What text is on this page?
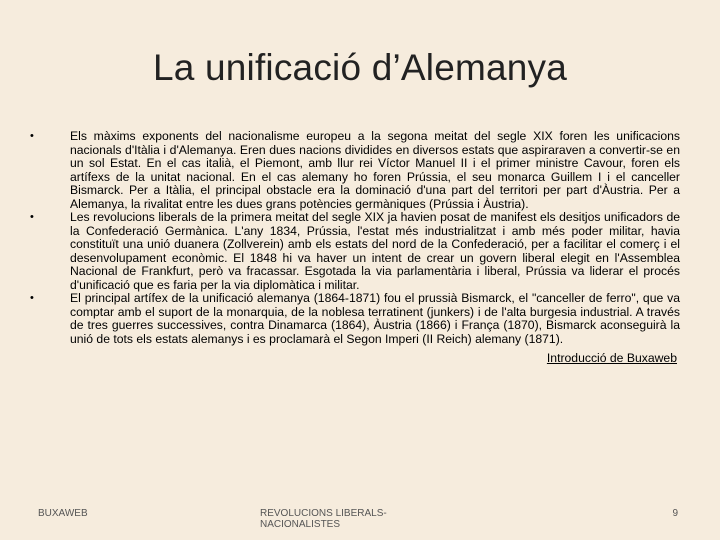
La unificació d’Alemanya
•	Els màxims exponents del nacionalisme europeu a la segona meitat del segle XIX foren les unificacions nacionals d'Itàlia i d'Alemanya. Eren dues nacions dividides en diversos estats que aspiraraven a convertir-se en un sol Estat. En el cas italià, el Piemont, amb llur rei Víctor Manuel II i el primer ministre Cavour, foren els artífexs de la unitat nacional. En el cas alemany ho foren Prússia, el seu monarca Guillem I i el canceller Bismarck. Per a Itàlia, el principal obstacle era la dominació d'una part del territori per part d'Àustria. Per a Alemanya, la rivalitat entre les dues grans potències germàniques (Prússia i Àustria).
•	Les revolucions liberals de la primera meitat del segle XIX ja havien posat de manifest els desitjos unificadors de la Confederació Germànica. L'any 1834, Prússia, l'estat més industrialitzat i amb més poder militar, havia constituït una unió duanera (Zollverein) amb els estats del nord de la Confederació, per a facilitar el comerç i el desenvolupament econòmic. El 1848 hi va haver un intent de crear un govern liberal elegit en l'Assemblea Nacional de Frankfurt, però va fracassar. Esgotada la via parlamentària i liberal, Prússia va liderar el procés d'unificació que es faria per la via diplomàtica i militar.
•	El principal artífex de la unificació alemanya (1864-1871) fou el prussià Bismarck, el "canceller de ferro", que va comptar amb el suport de la monarquia, de la noblesa terratinent (junkers) i de l'alta burgesia industrial. A través de tres guerres successives, contra Dinamarca (1864), Àustria (1866) i França (1870), Bismarck aconseguirà la unió de tots els estats alemanys i es proclamarà el Segon Imperi (II Reich) alemany (1871).
Introducció de Buxaweb
BUXAWEB	REVOLUCIONS LIBERALS-NACIONALISTES
9
